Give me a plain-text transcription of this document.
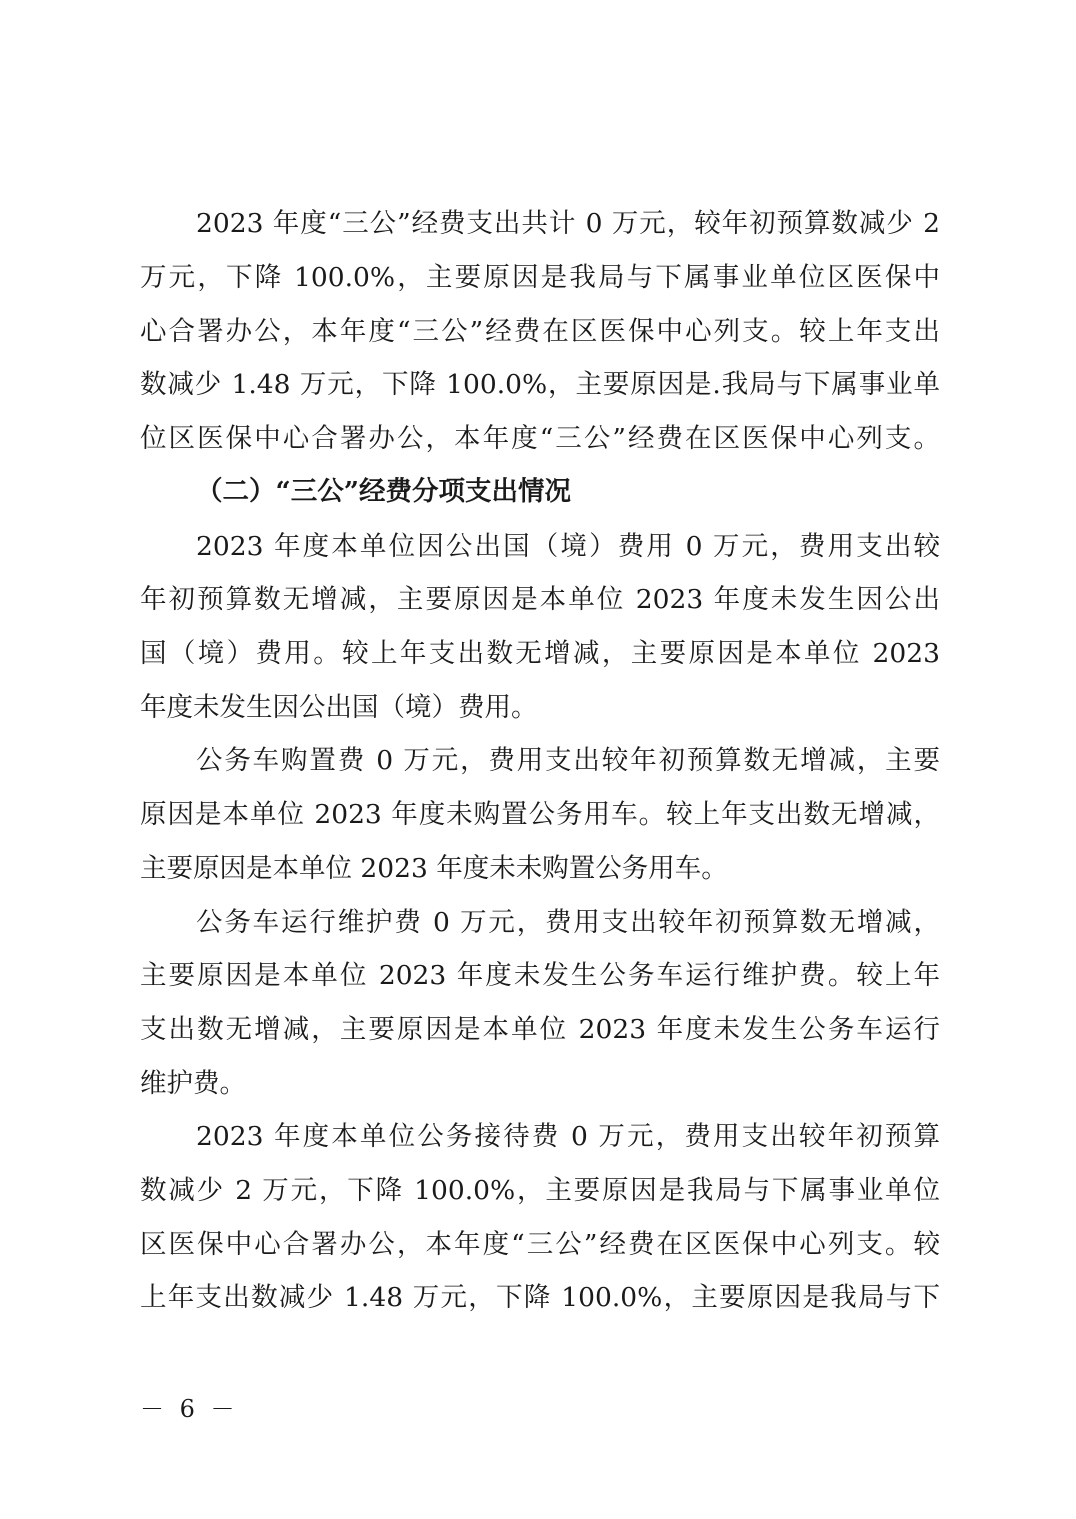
2023 年度“三公”经费支出共计 0 万元，较年初预算数减少 2
万元，下降 100.0%，主要原因是我局与下属事业单位区医保中
心合署办公，本年度“三公”经费在区医保中心列支。较上年支出
数减少 1.48 万元，下降 100.0%，主要原因是.我局与下属事业单
位区医保中心合署办公，本年度“三公”经费在区医保中心列支。
（二）“三公”经费分项支出情况
2023 年度本单位因公出国（境）费用 0 万元，费用支出较
年初预算数无增减，主要原因是本单位 2023 年度未发生因公出
国（境）费用。较上年支出数无增减，主要原因是本单位 2023
年度未发生因公出国（境）费用。
公务车购置费 0 万元，费用支出较年初预算数无增减，主要
原因是本单位 2023 年度未购置公务用车。较上年支出数无增减，
主要原因是本单位 2023 年度未未购置公务用车。
公务车运行维护费 0 万元，费用支出较年初预算数无增减，
主要原因是本单位 2023 年度未发生公务车运行维护费。较上年
支出数无增减，主要原因是本单位 2023 年度未发生公务车运行
维护费。
2023 年度本单位公务接待费 0 万元，费用支出较年初预算
数减少 2 万元，下降 100.0%，主要原因是我局与下属事业单位
区医保中心合署办公，本年度“三公”经费在区医保中心列支。较
上年支出数减少 1.48 万元，下降 100.0%，主要原因是我局与下
－ 6 －
